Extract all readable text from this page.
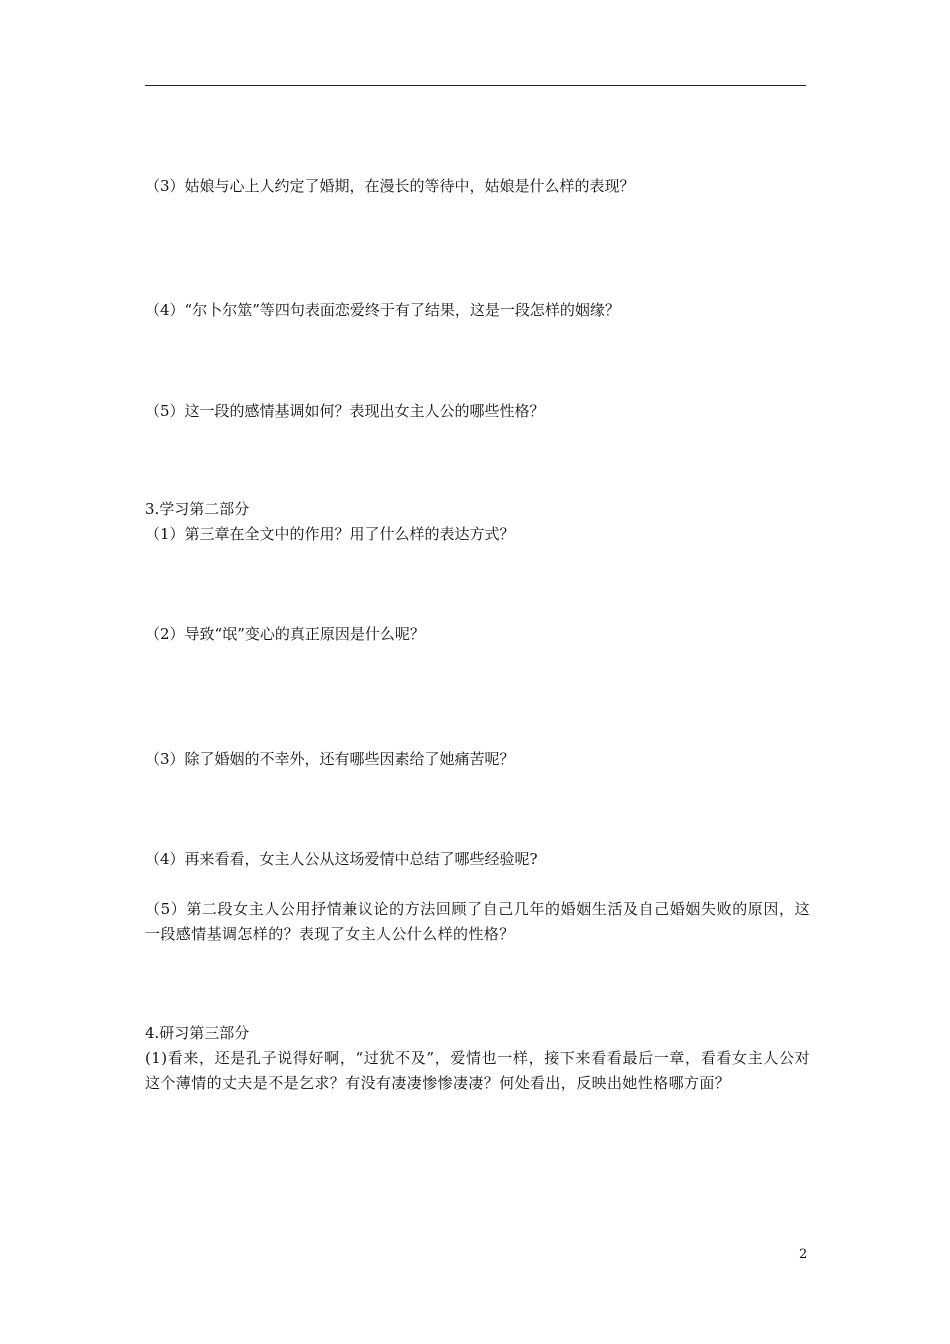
（3）姑娘与心上人约定了婚期，在漫长的等待中，姑娘是什么样的表现？
（4）“尔卜尔筮”等四句表面恋爱终于有了结果，这是一段怎样的姻缘？
（5）这一段的感情基调如何？表现出女主人公的哪些性格？
3.学习第二部分
（1）第三章在全文中的作用？用了什么样的表达方式？
（2）导致“氓”变心的真正原因是什么呢？
（3）除了婚姻的不幸外，还有哪些因素给了她痛苦呢？
（4）再来看看，女主人公从这场爱情中总结了哪些经验呢?
（5）第二段女主人公用抒情兼议论的方法回顾了自己几年的婚姻生活及自己婚姻失败的原因，这一段感情基调怎样的？表现了女主人公什么样的性格？
4.研习第三部分
(1)看来，还是孔子说得好啊，“过犹不及”，爱情也一样，接下来看看最后一章，看看女主人公对这个薄情的丈夫是不是乞求？有没有凄凄惨惨凄凄？何处看出，反映出她性格哪方面？
2
